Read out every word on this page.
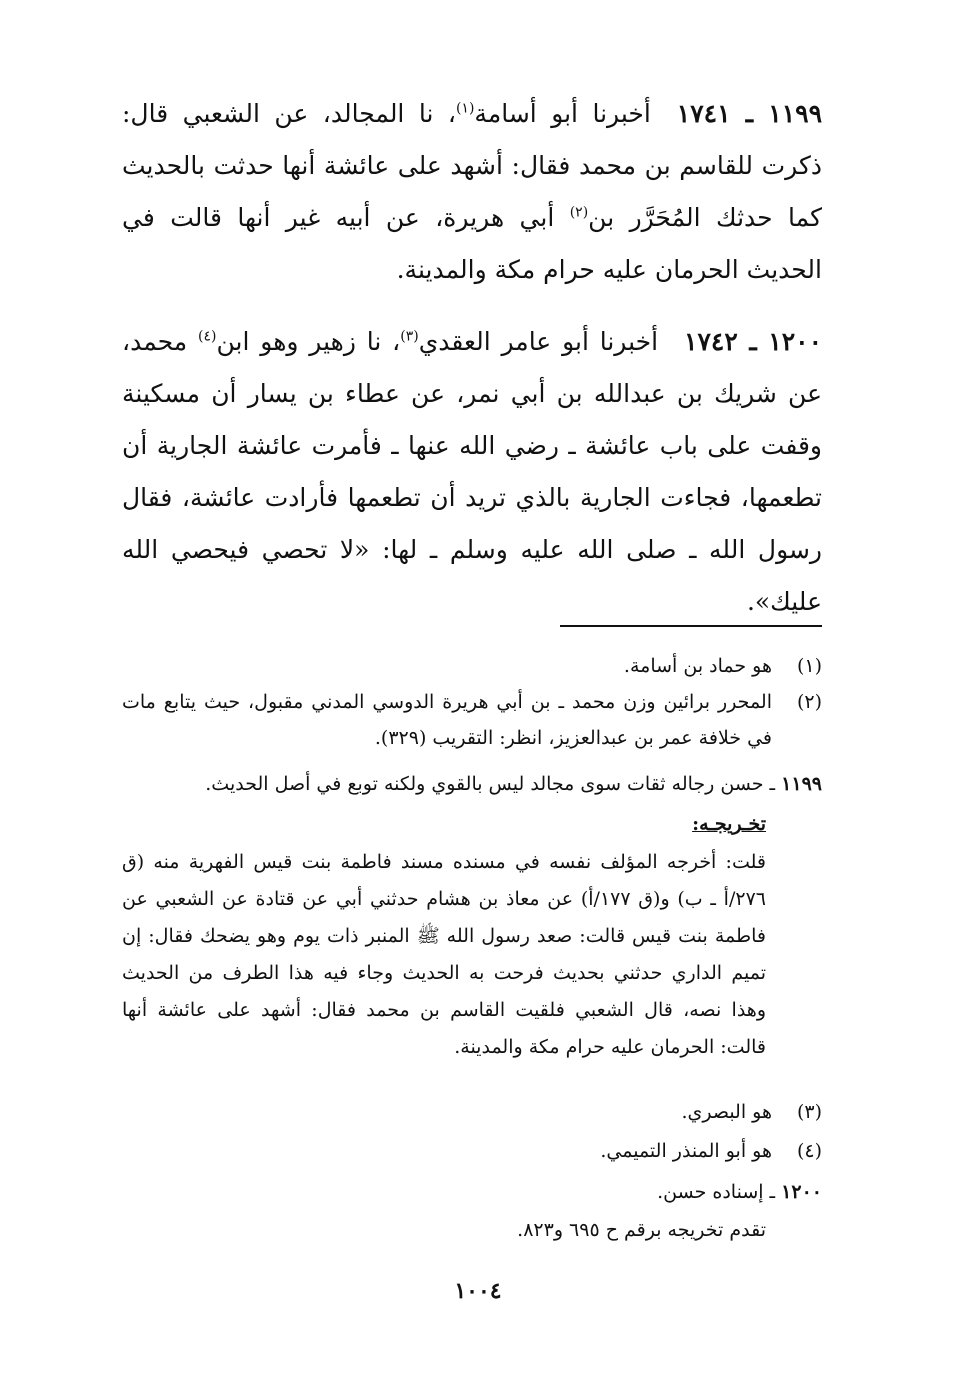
١١٩٩ ـ ١٧٤١أخبرنا أبو أسامة$^{(١)}$، نا المجالد، عن الشعبي قال: ذكرت للقاسم بن محمد فقال: أشهد على عائشة أنها حدثت بالحديث كما حدثك المُحَرَّر بن$^{(٢)}$ أبي هريرة، عن أبيه غير أنها قالت في الحديث الحرمان عليه حرام مكة والمدينة.
١٢٠٠ ـ ١٧٤٢أخبرنا أبو عامر العقدي$^{(٣)}$، نا زهير وهو ابن$^{(٤)}$ محمد، عن شريك بن عبدالله بن أبي نمر، عن عطاء بن يسار أن مسكينة وقفت على باب عائشة ـ رضي الله عنها ـ فأمرت عائشة الجارية أن تطعمها، فجاءت الجارية بالذي تريد أن تطعمها فأرادت عائشة، فقال رسول الله ـ صلى الله عليه وسلم ـ لها: «لا تحصي فيحصي الله عليك».
(١)هو حماد بن أسامة.
(٢)
المحرر برائين وزن محمد ـ بن أبي هريرة الدوسي المدني مقبول، حيث يتابع مات في خلافة عمر بن عبدالعزيز، انظر: التقريب (٣٢٩).
١١٩٩ ـ حسن رجاله ثقات سوى مجالد ليس بالقوي ولكنه توبع في أصل الحديث.
تخـريجـه:
قلت: أخرجه المؤلف نفسه في مسنده مسند فاطمة بنت قيس الفهرية منه (ق ٢٧٦/أ ـ ب) و(ق ١٧٧/أ) عن معاذ بن هشام حدثني أبي عن قتادة عن الشعبي عن فاطمة بنت قيس قالت: صعد رسول الله ﷺ المنبر ذات يوم وهو يضحك فقال: إن تميم الداري حدثني بحديث فرحت به الحديث وجاء فيه هذا الطرف من الحديث وهذا نصه، قال الشعبي فلقيت القاسم بن محمد فقال: أشهد على عائشة أنها قالت: الحرمان عليه حرام مكة والمدينة.
(٣)هو البصري.
(٤)هو أبو المنذر التميمي.
١٢٠٠ ـ إسناده حسن.
تقدم تخريجه برقم ح ٦٩٥ و٨٢٣.
١٠٠٤
